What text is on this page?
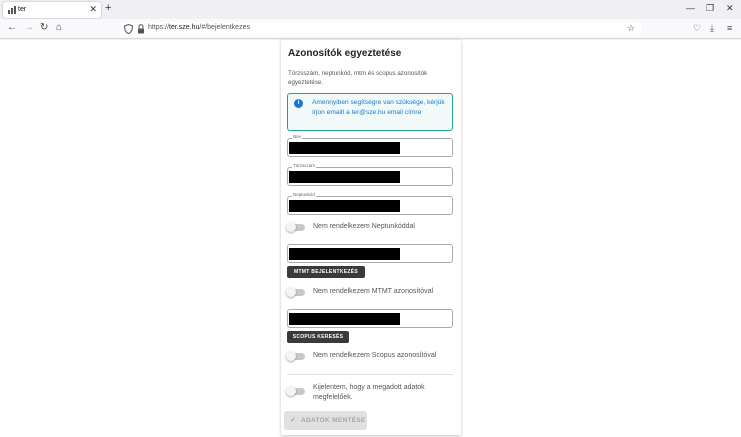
ter	✕ +	— ❐ ✕
← → ↻ ⌂	https://ter.sze.hu/#/bejelentkezes	☆	♡ ⤓ ≡
Azonosítók egyeztetése
Törzsszám, neptunkód, mtm és scopus azonosítók egyeztetése.
i	Amennyiben segítségre van szüksége, kérjük írjon emailt a ter@sze.hu email címre
Név
Törzsszám
Neptunkód
Nem rendelkezem Neptunkóddal
MTMT BEJELENTKEZÉS
Nem rendelkezem MTMT azonosítóval
SCOPUS KERESÉS
Nem rendelkezem Scopus azonosítóval
Kijelentem, hogy a megadott adatok megfelelőek.
✓ ADATOK MENTÉSE
